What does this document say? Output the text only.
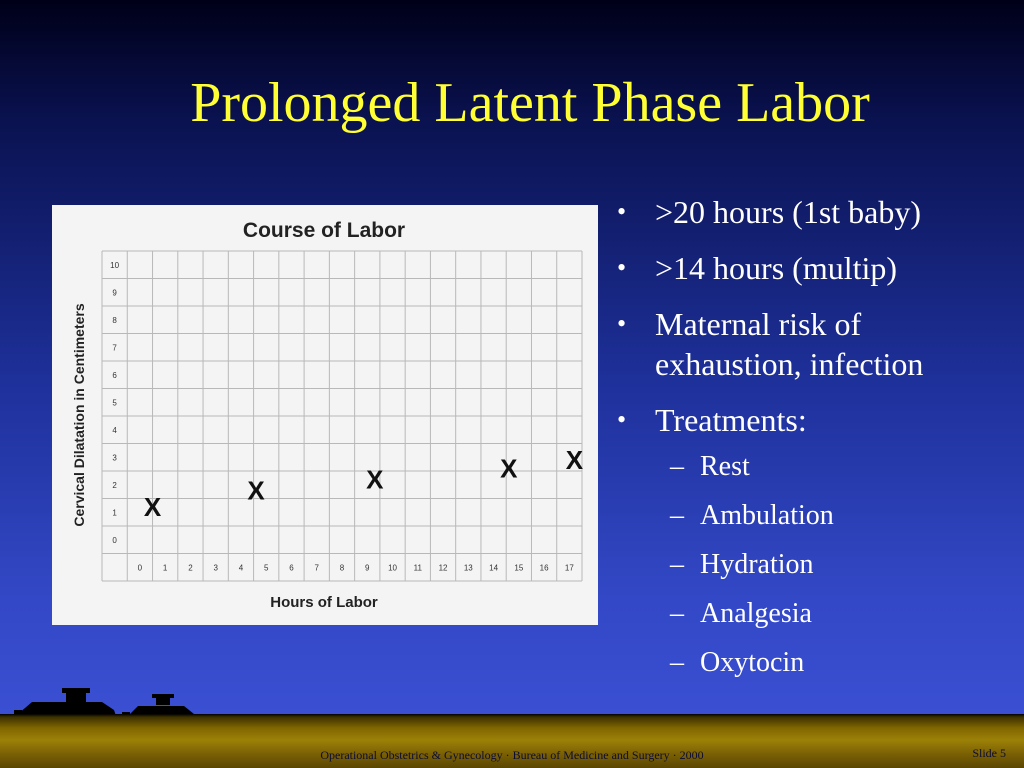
Prolonged Latent Phase Labor
Course of Labor
Cervical Dilatation in Centimeters
Hours of Labor
0
1
2
3
4
5
6
7
8
9
10
0	1	2	3	4	5	6	7	8	9 10 11 12 13 14 15 16 17
X
X	X	X X
• >20 hours (1st baby)
• >14 hours (multip)
• Maternal risk of exhaustion, infection
• Treatments:
– Rest
– Ambulation
– Hydration
– Analgesia
– Oxytocin
Operational Obstetrics & Gynecology · Bureau of Medicine and Surgery · 2000	Slide 5
